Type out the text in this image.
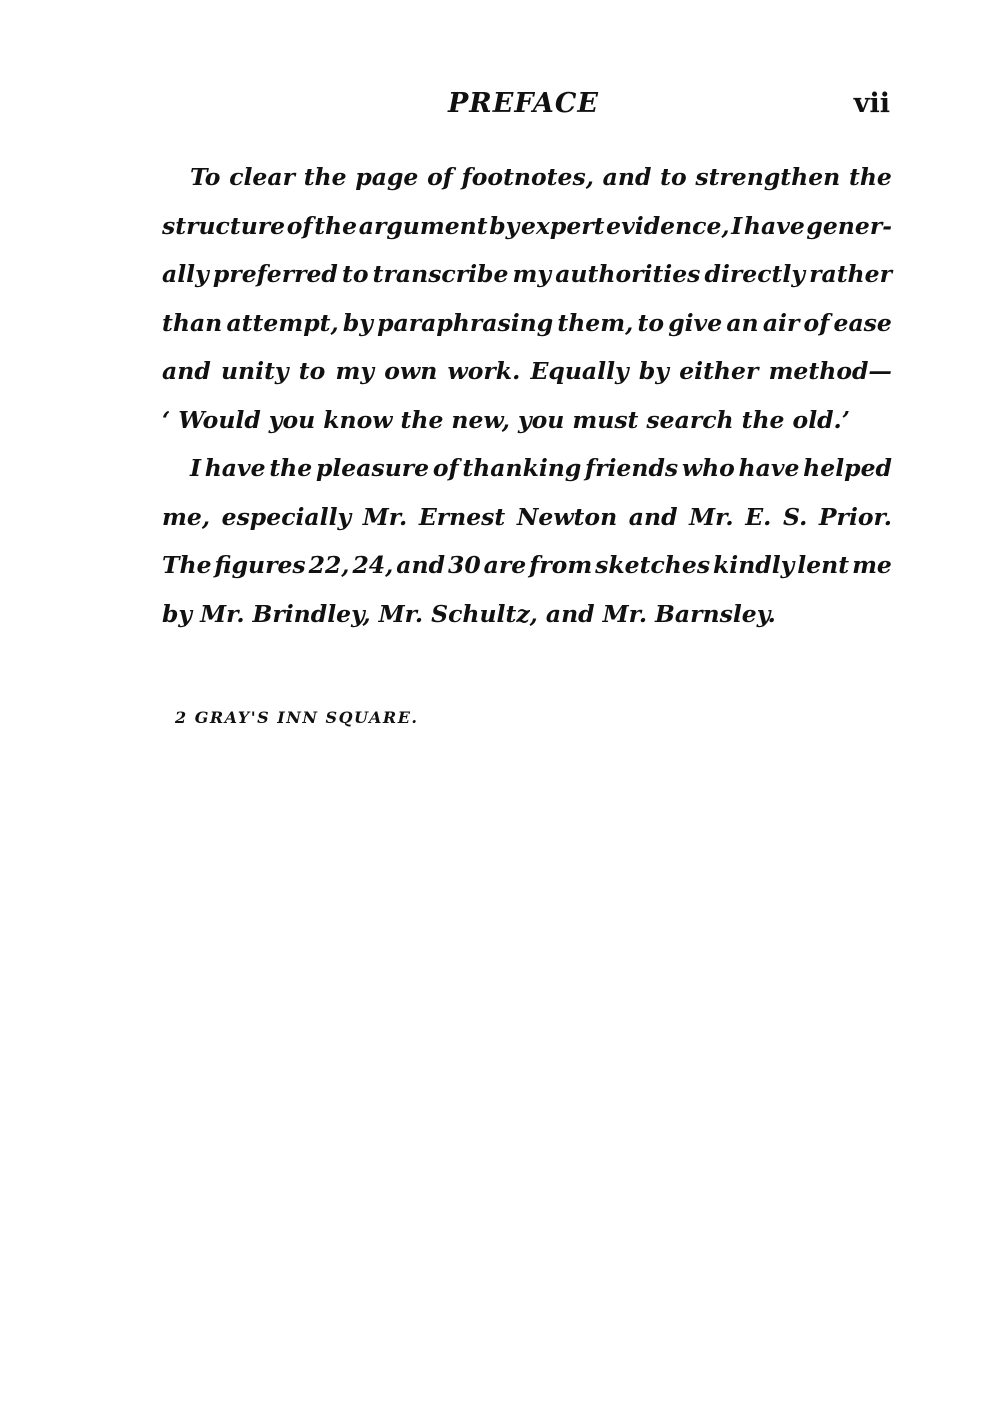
PREFACE	vii
To clear the page of footnotes, and to strengthen the
structure of the argument by expert evidence, I have gener-
ally preferred to transcribe my authorities directly rather
than attempt, by paraphrasing them, to give an air of ease
and unity to my own work. Equally by either method—
‘ Would you know the new, you must search the old.’
I have the pleasure of thanking friends who have helped
me, especially Mr. Ernest Newton and Mr. E. S. Prior.
The figures 22, 24, and 30 are from sketches kindly lent me
by Mr. Brindley, Mr. Schultz, and Mr. Barnsley.
2 GRAY'S INN SQUARE.
